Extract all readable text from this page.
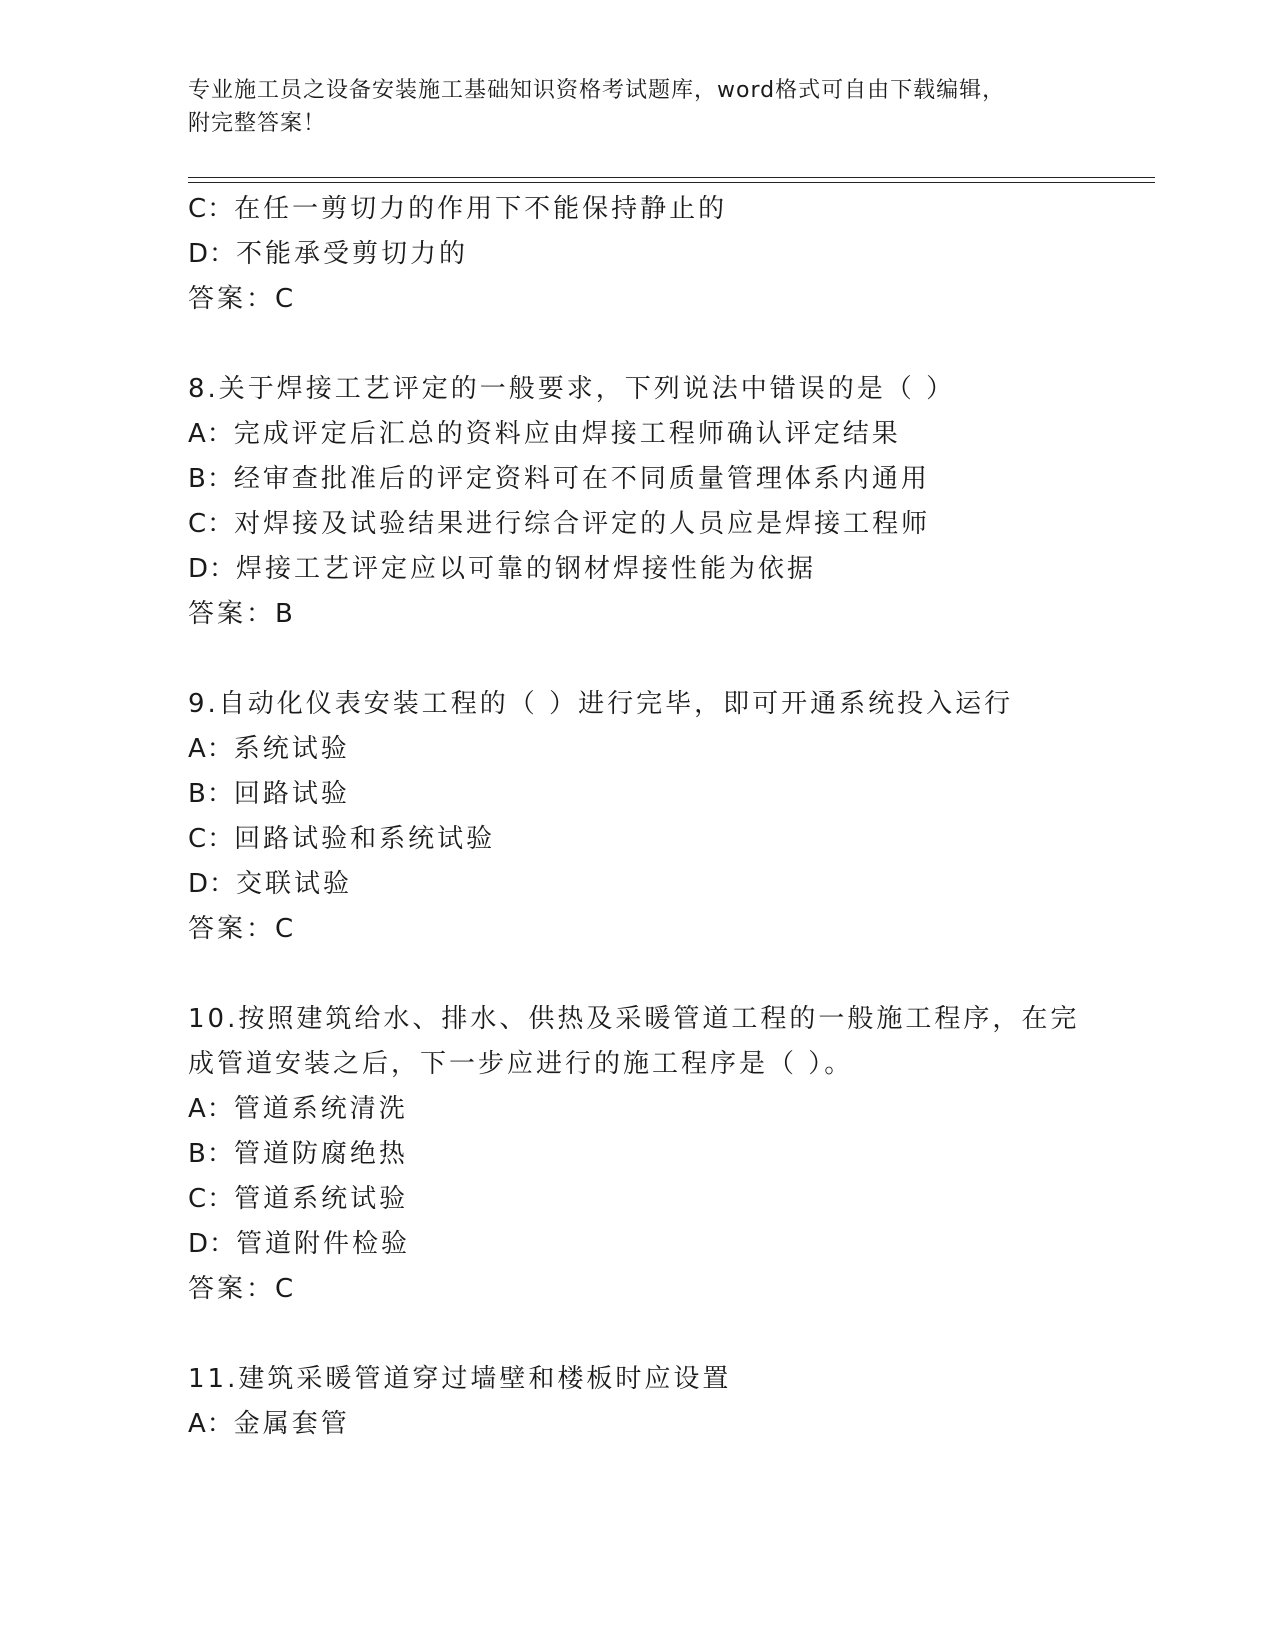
专业施工员之设备安装施工基础知识资格考试题库，word格式可自由下载编辑，
附完整答案！
C：在任一剪切力的作用下不能保持静止的
D：不能承受剪切力的
答案：C
8.关于焊接工艺评定的一般要求，下列说法中错误的是（ ）
A：完成评定后汇总的资料应由焊接工程师确认评定结果
B：经审查批准后的评定资料可在不同质量管理体系内通用
C：对焊接及试验结果进行综合评定的人员应是焊接工程师
D：焊接工艺评定应以可靠的钢材焊接性能为依据
答案：B
9.自动化仪表安装工程的（ ）进行完毕，即可开通系统投入运行
A：系统试验
B：回路试验
C：回路试验和系统试验
D：交联试验
答案：C
10.按照建筑给水、排水、供热及采暖管道工程的一般施工程序，在完
成管道安装之后，下一步应进行的施工程序是（ ）。
A：管道系统清洗
B：管道防腐绝热
C：管道系统试验
D：管道附件检验
答案：C
11.建筑采暖管道穿过墙壁和楼板时应设置
A：金属套管
